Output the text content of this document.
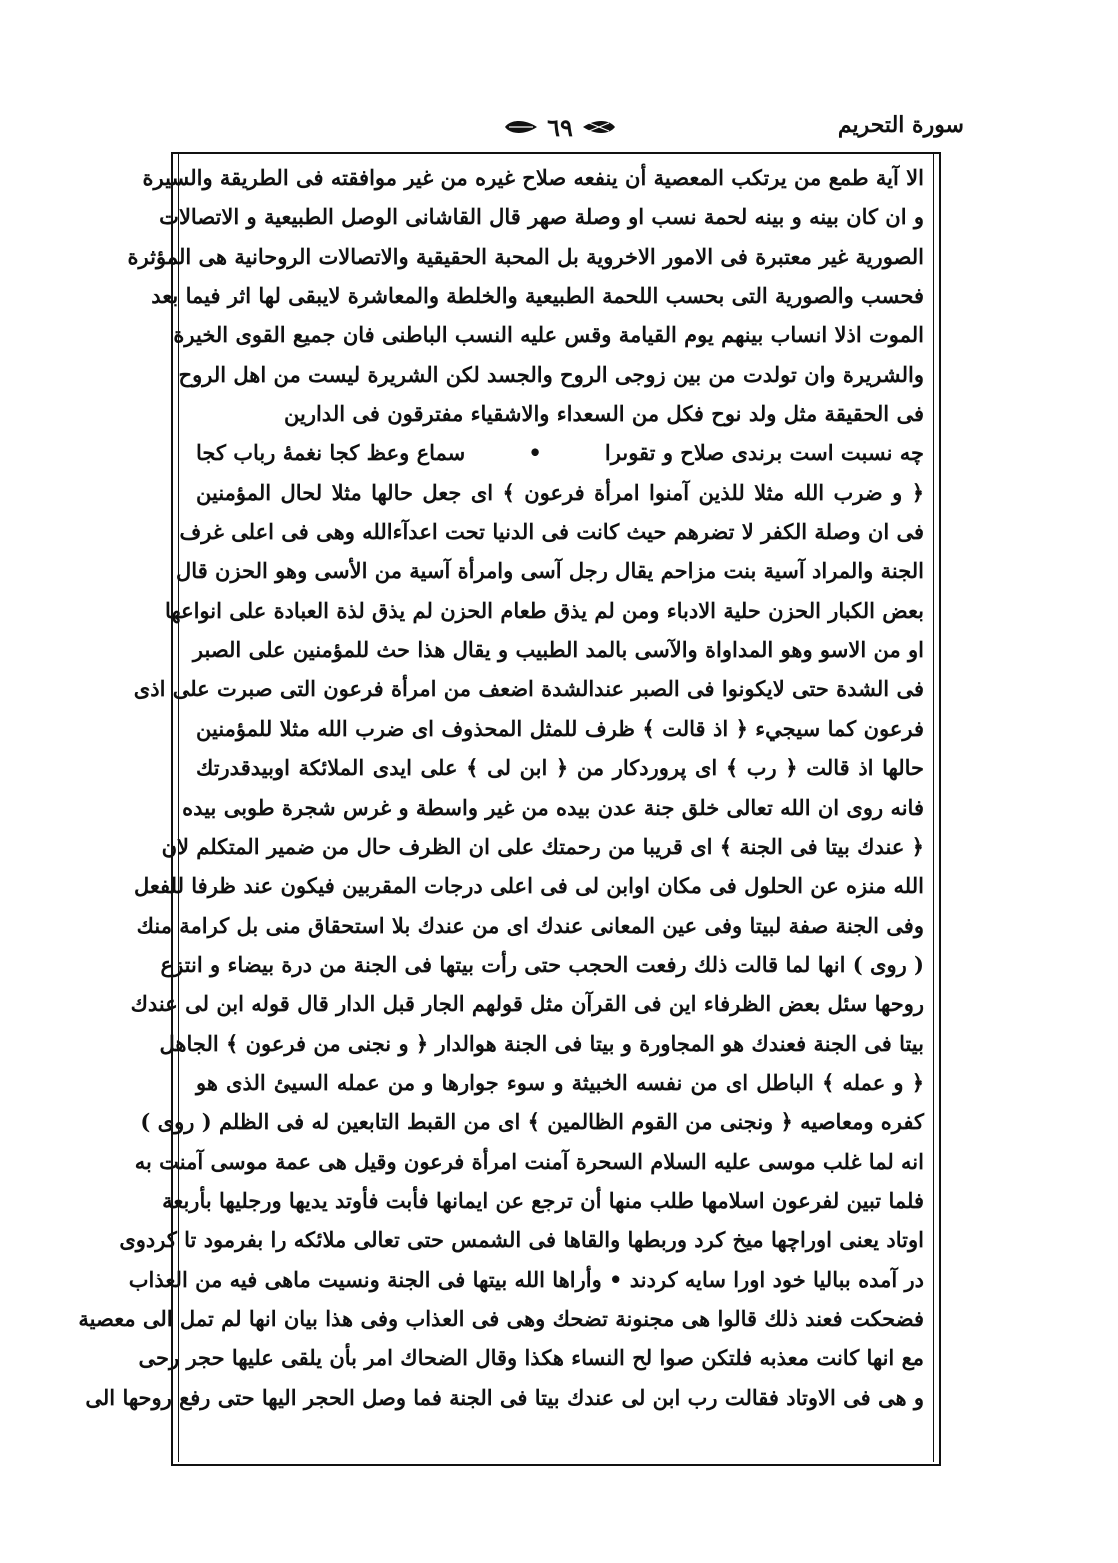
سورة التحريم
٦٩
الا آية طمع من يرتكب المعصية أن ينفعه صلاح غيره من غير موافقته فى الطريقة والسيرة
و ان كان بينه و بينه لحمة نسب او وصلة صهر قال القاشانى الوصل الطبيعية و الاتصالات
الصورية غير معتبرة فى الامور الاخروية بل المحبة الحقيقية والاتصالات الروحانية هى المؤثرة
فحسب والصورية التى بحسب اللحمة الطبيعية والخلطة والمعاشرة لايبقى لها اثر فيما بعد
الموت اذلا انساب بينهم يوم القيامة وقس عليه النسب الباطنى فان جميع القوى الخيرة
والشريرة وان تولدت من بين زوجى الروح والجسد لكن الشريرة ليست من اهل الروح
فى الحقيقة مثل ولد نوح فكل من السعداء والاشقياء مفترقون فى الدارين
چه نسبت است برندى صلاح و تقوىرا
•
سماع وعظ كجا نغمهٔ رباب كجا
﴿ و ضرب الله مثلا للذين آمنوا امرأة فرعون ﴾ اى جعل حالها مثلا لحال المؤمنين
فى ان وصلة الكفر لا تضرهم حيث كانت فى الدنيا تحت اعدآءالله وهى فى اعلى غرف
الجنة والمراد آسية بنت مزاحم يقال رجل آسى وامرأة آسية من الأسى وهو الحزن قال
بعض الكبار الحزن حلية الادباء ومن لم يذق طعام الحزن لم يذق لذة العبادة على انواعها
او من الاسو وهو المداواة والآسى بالمد الطبيب و يقال هذا حث للمؤمنين على الصبر
فى الشدة حتى لايكونوا فى الصبر عندالشدة اضعف من امرأة فرعون التى صبرت على اذى
فرعون كما سيجيء ﴿ اذ قالت ﴾ ظرف للمثل المحذوف اى ضرب الله مثلا للمؤمنين
حالها اذ قالت ﴿ رب ﴾ اى پروردكار من ﴿ ابن لى ﴾ على ايدى الملائكة اوبيدقدرتك
فانه روى ان الله تعالى خلق جنة عدن بيده من غير واسطة و غرس شجرة طوبى بيده
﴿ عندك بيتا فى الجنة ﴾ اى قريبا من رحمتك على ان الظرف حال من ضمير المتكلم لان
الله منزه عن الحلول فى مكان اوابن لى فى اعلى درجات المقربين فيكون عند ظرفا للفعل
وفى الجنة صفة لبيتا وفى عين المعانى عندك اى من عندك بلا استحقاق منى بل كرامة منك
( روى ) انها لما قالت ذلك رفعت الحجب حتى رأت بيتها فى الجنة من درة بيضاء و انتزع
روحها سئل بعض الظرفاء اين فى القرآن مثل قولهم الجار قبل الدار قال قوله ابن لى عندك
بيتا فى الجنة فعندك هو المجاورة و بيتا فى الجنة هوالدار ﴿ و نجنى من فرعون ﴾ الجاهل
﴿ و عمله ﴾ الباطل اى من نفسه الخبيثة و سوء جوارها و من عمله السيئ الذى هو
كفره ومعاصيه ﴿ ونجنى من القوم الظالمين ﴾ اى من القبط التابعين له فى الظلم ( روى )
انه لما غلب موسى عليه السلام السحرة آمنت امرأة فرعون وقيل هى عمة موسى آمنت به
فلما تبين لفرعون اسلامها طلب منها أن ترجع عن ايمانها فأبت فأوتد يديها ورجليها بأربعة
اوتاد يعنى اوراچها ميخ كرد وربطها والقاها فى الشمس حتى تعالى ملائكه را بفرمود تا كردوى
در آمده بباليا خود اورا سايه كردند • وأراها الله بيتها فى الجنة ونسيت ماهى فيه من العذاب
فضحكت فعند ذلك قالوا هى مجنونة تضحك وهى فى العذاب وفى هذا بيان انها لم تمل الى معصية
مع انها كانت معذبه فلتكن صوا لح النساء هكذا وقال الضحاك امر بأن يلقى عليها حجر رحى
و هى فى الاوتاد فقالت رب ابن لى عندك بيتا فى الجنة فما وصل الحجر اليها حتى رفع روحها الى
